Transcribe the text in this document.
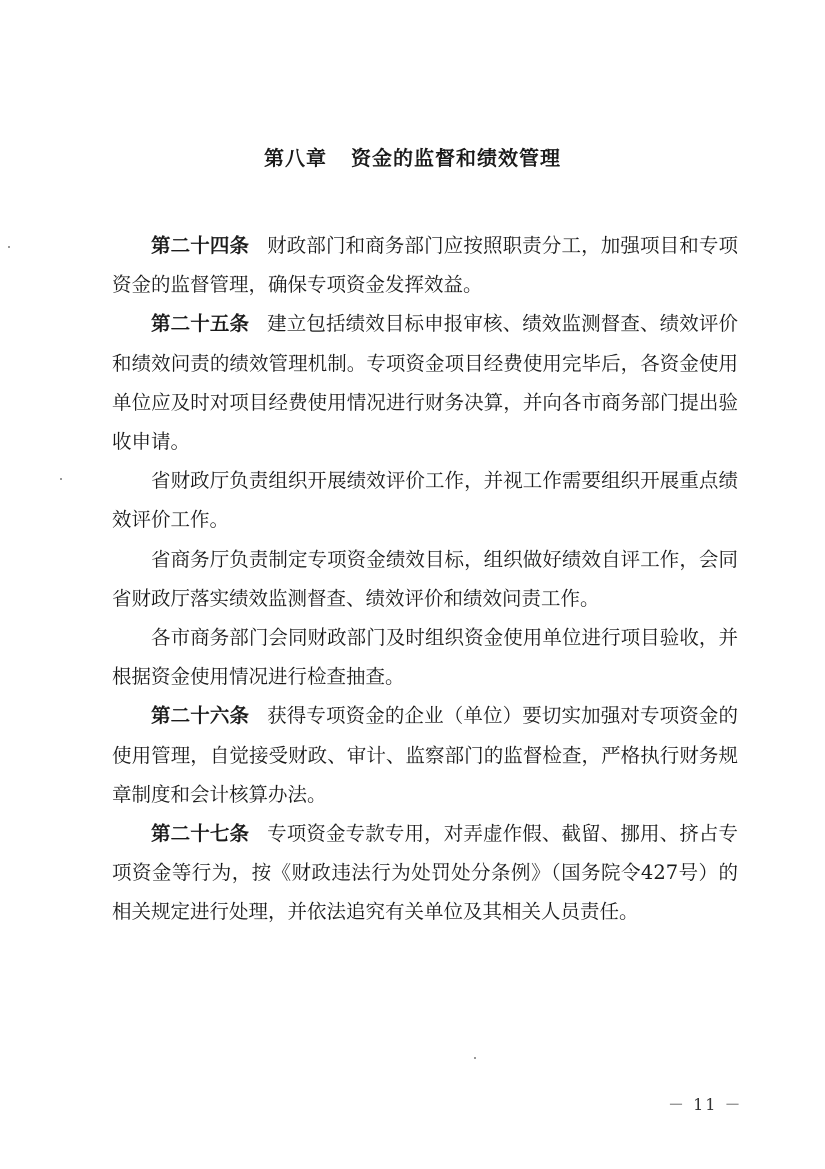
第八章 资金的监督和绩效管理

第二十四条 财政部门和商务部门应按照职责分工，加强项目和专项资金的监督管理，确保专项资金发挥效益。

第二十五条 建立包括绩效目标申报审核、绩效监测督查、绩效评价和绩效问责的绩效管理机制。专项资金项目经费使用完毕后，各资金使用单位应及时对项目经费使用情况进行财务决算，并向各市商务部门提出验收申请。

省财政厅负责组织开展绩效评价工作，并视工作需要组织开展重点绩效评价工作。

省商务厅负责制定专项资金绩效目标，组织做好绩效自评工作，会同省财政厅落实绩效监测督查、绩效评价和绩效问责工作。

各市商务部门会同财政部门及时组织资金使用单位进行项目验收，并根据资金使用情况进行检查抽查。

第二十六条 获得专项资金的企业（单位）要切实加强对专项资金的使用管理，自觉接受财政、审计、监察部门的监督检查，严格执行财务规章制度和会计核算办法。

第二十七条 专项资金专款专用，对弄虚作假、截留、挪用、挤占专项资金等行为，按《财政违法行为处罚处分条例》（国务院令427号）的相关规定进行处理，并依法追究有关单位及其相关人员责任。

－ 11 －
